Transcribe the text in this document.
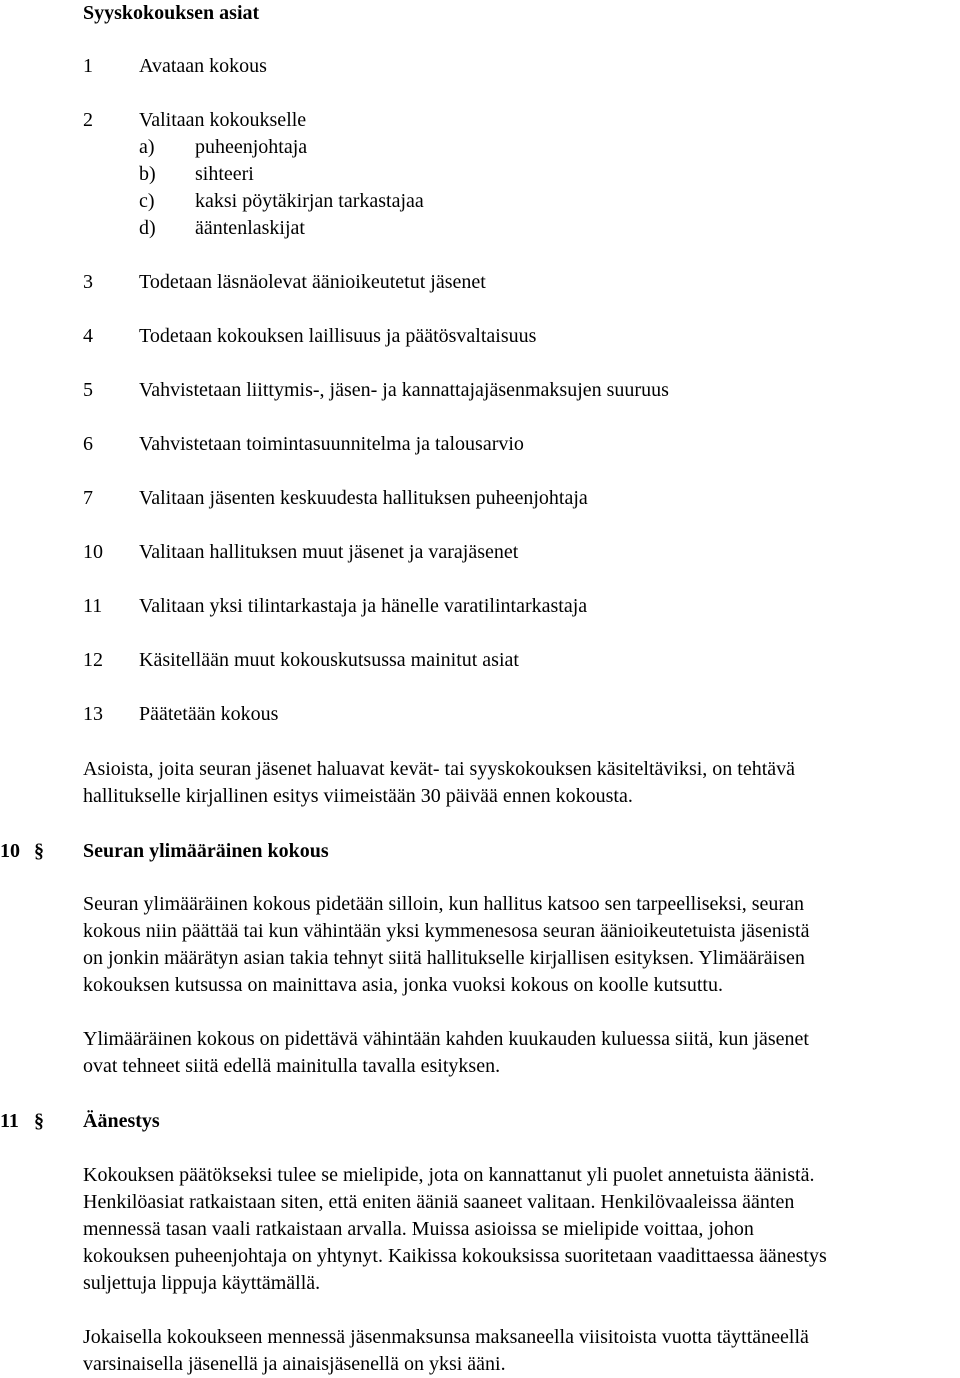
Syyskokouksen asiat
1 Avataan kokous
2 Valitaan kokoukselle
a) puheenjohtaja
b) sihteeri
c) kaksi pöytäkirjan tarkastajaa
d) ääntenlaskijat
3 Todetaan läsnäolevat äänioikeutetut jäsenet
4 Todetaan kokouksen laillisuus ja päätösvaltaisuus
5 Vahvistetaan liittymis-, jäsen- ja kannattajajäsenmaksujen suuruus
6 Vahvistetaan toimintasuunnitelma ja talousarvio
7 Valitaan jäsenten keskuudesta hallituksen puheenjohtaja
10 Valitaan hallituksen muut jäsenet ja varajäsenet
11 Valitaan yksi tilintarkastaja ja hänelle varatilintarkastaja
12 Käsitellään muut kokouskutsussa mainitut asiat
13 Päätetään kokous
Asioista, joita seuran jäsenet haluavat kevät- tai syyskokouksen käsiteltäviksi, on tehtävä
hallitukselle kirjallinen esitys viimeistään 30 päivää ennen kokousta.
10 § Seuran ylimääräinen kokous
Seuran ylimääräinen kokous pidetään silloin, kun hallitus katsoo sen tarpeelliseksi, seuran
kokous niin päättää tai kun vähintään yksi kymmenesosa seuran äänioikeutetuista jäsenistä
on jonkin määrätyn asian takia tehnyt siitä hallitukselle kirjallisen esityksen. Ylimääräisen
kokouksen kutsussa on mainittava asia, jonka vuoksi kokous on koolle kutsuttu.
Ylimääräinen kokous on pidettävä vähintään kahden kuukauden kuluessa siitä, kun jäsenet
ovat tehneet siitä edellä mainitulla tavalla esityksen.
11 § Äänestys
Kokouksen päätökseksi tulee se mielipide, jota on kannattanut yli puolet annetuista äänistä.
Henkilöasiat ratkaistaan siten, että eniten ääniä saaneet valitaan. Henkilövaaleissa äänten
mennessä tasan vaali ratkaistaan arvalla. Muissa asioissa se mielipide voittaa, johon
kokouksen puheenjohtaja on yhtynyt. Kaikissa kokouksissa suoritetaan vaadittaessa äänestys
suljettuja lippuja käyttämällä.
Jokaisella kokoukseen mennessä jäsenmaksunsa maksaneella viisitoista vuotta täyttäneellä
varsinaisella jäsenellä ja ainaisjäsenellä on yksi ääni.
